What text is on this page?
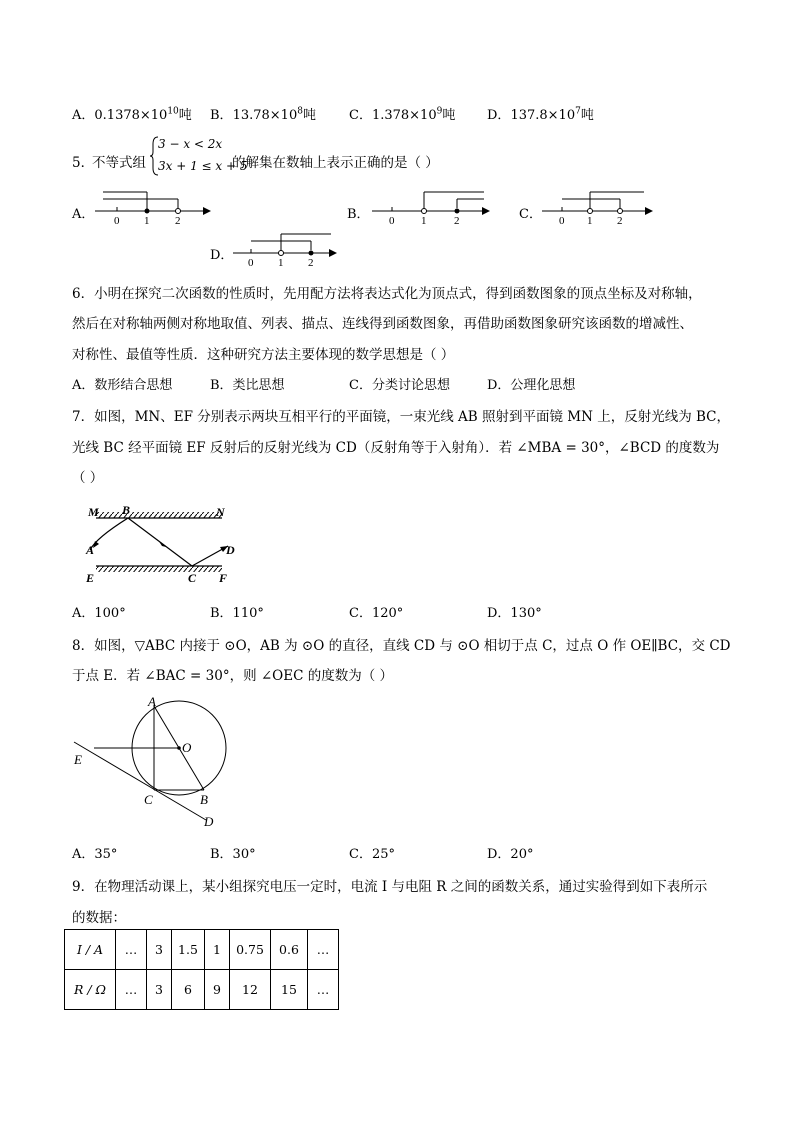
A．$0.1378\times 10^{10}$吨 B．$13.78\times 10^8$吨	C．$1.378\times 10^9$吨 D．$137.8\times 10^7$吨
5．
不等式组
3 − x < 2x
3x + 1 ≤ x + 5
的解集在数轴上表示正确的是（ ）
A． 0 1 2	B． 0 1	2	C． 0 1 2
D． 0 1 2
6．小明在探究二次函数的性质时，先用配方法将表达式化为顶点式，得到函数图象的顶点坐标及对称轴，
然后在对称轴两侧对称地取值、列表、描点、连线得到函数图象，再借助函数图象研究该函数的增减性、
对称性、最值等性质．这种研究方法主要体现的数学思想是（ ）
A．数形结合思想	B．类比思想	C．分类讨论思想	D．公理化思想
7．如图，MN、EF 分别表示两块互相平行的平面镜，一束光线 AB 照射到平面镜 MN 上，反射光线为 BC，
光线 BC 经平面镜 EF 反射后的反射光线为 CD（反射角等于入射角）．若 ∠MBA = 30°，∠BCD 的度数为
（ ）
M B	N
A	D
E	C F
A．100°	B．110°	C．120°	D．130°
8．如图，▽ABC 内接于 ⊙O，AB 为 ⊙O 的直径，直线 CD 与 ⊙O 相切于点 C，过点 O 作 OE∥BC，交 CD
于点 E．若 ∠BAC = 30°，则 ∠OEC 的度数为（ ）
A
O
E
C	B
D
A．35°	B．30°	C．25°	D．20°
9．在物理活动课上，某小组探究电压一定时，电流 I 与电阻 R 之间的函数关系，通过实验得到如下表所示
的数据：
I / A	…	3	1.5	1	0.75	0.6	…
R / Ω	…	3	6	9	12	15	…
